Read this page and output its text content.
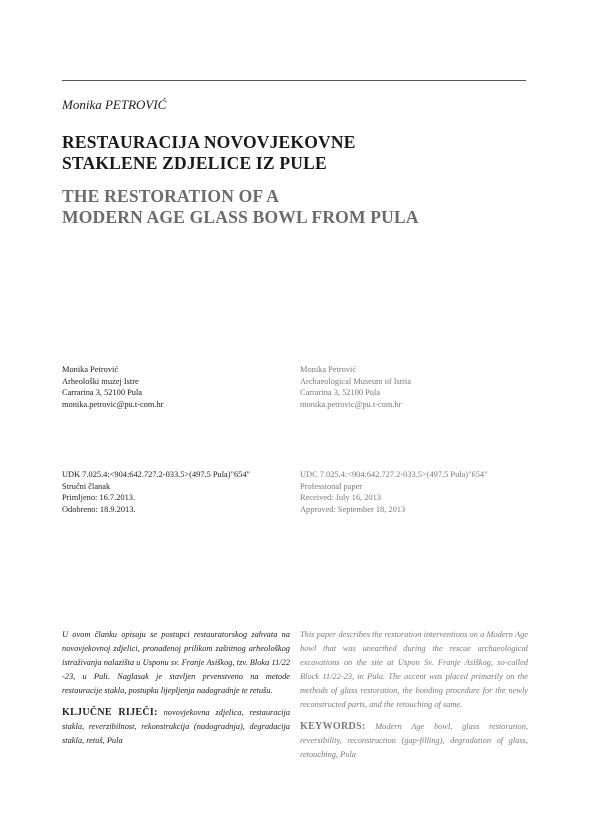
Monika PETROVIĆ
RESTAURACIJA NOVOVJEKOVNE
STAKLENE ZDJELICE IZ PULE
THE RESTORATION OF A
MODERN AGE GLASS BOWL FROM PULA
Monika Petrović
Arheološki muzej Istre
Carrarina 3, 52100 Pula
monika.petrovic@pu.t-com.hr
Monika Petrović
Archaeological Museum of Istria
Carrarina 3, 52100 Pula
monika.petrovic@pu.t-com.hr
UDK 7.025.4:<904:642.727.2-033.5>(497.5 Pula)"654"
Stručni članak
Primljeno: 16.7.2013.
Odobreno: 18.9.2013.
UDC 7.025.4:<904:642.727.2-033.5>(497.5 Pula)"654"
Professional paper
Received: July 16, 2013
Approved: September 18, 2013
U ovom članku opisuju se postupci restauratorskog zahvata na novovjekovnoj zdjelici, pronađenoj prilikom zaštitnog arheološkog istraživanja nalazišta u Usponu sv. Franje Asiškog, tzv. Bloka 11/22 -23, u Puli. Naglasak je stavljen prvenstveno na metode restauracije stakla, postupku lijepljenja nadogradnje te retušu.
KLJUČNE RIJEČI: novovjekovna zdjelica, restauracija stakla, reverzibilnost, rekonstrukcija (nadogradnja), degradacija stakla, retuš, Pula
This paper describes the restoration interventions on a Modern Age bowl that was unearthed during the rescue archaeological excavations on the site at Uspon Sv. Franje Asiškog, so-called Block 11/22-23, in Pula. The accent was placed primarily on the methods of glass restoration, the bonding procedure for the newly reconstructed parts, and the retouching of same.
KEYWORDS: Modern Age bowl, glass restoration, reversibility, reconstruction (gap-filling), degradation of glass, retouching, Pula
